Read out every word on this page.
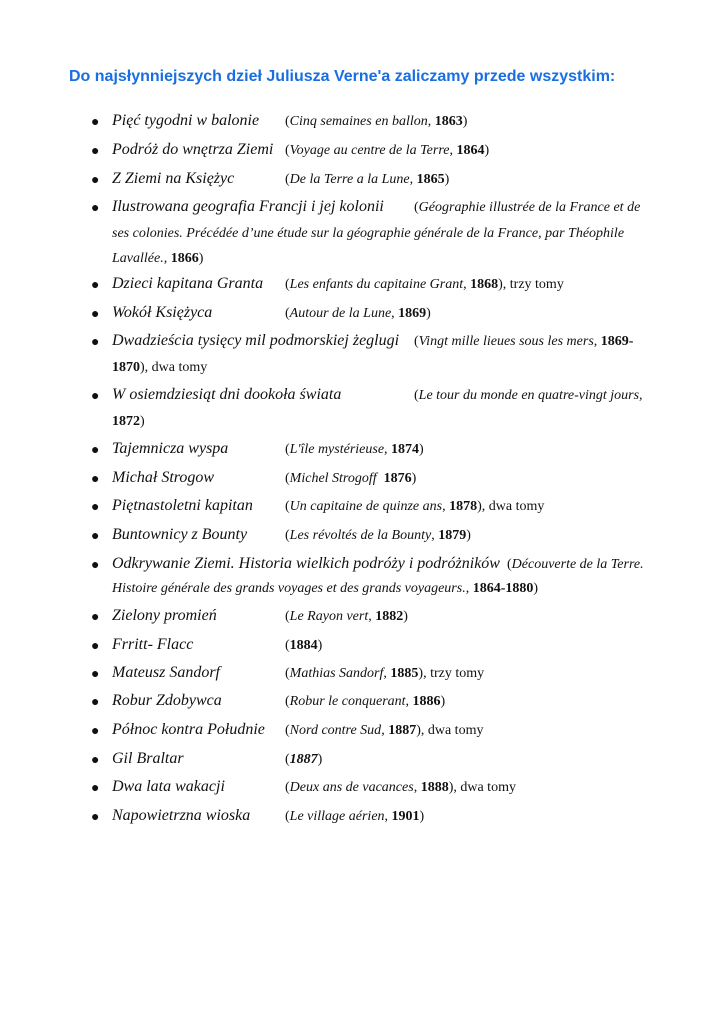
Do najsłynniejszych dzieł Juliusza Verne'a zaliczamy przede wszystkim:
● Pięć tygodni w balonie (Cinq semaines en ballon, 1863)
● Podróż do wnętrza Ziemi (Voyage au centre de la Terre, 1864)
● Z Ziemi na Księżyc	(De la Terre a la Lune, 1865)
● Ilustrowana geografia Francji i jej kolonii (Géographie illustrée de la France et de
ses colonies. Précédée d’une étude sur la géographie générale de la France, par Théophile
Lavallée., 1866)
● Dzieci kapitana Granta (Les enfants du capitaine Grant, 1868), trzy tomy
● Wokół Księżyca	(Autour de la Lune, 1869)
● Dwadzieścia tysięcy mil podmorskiej żeglugi (Vingt mille lieues sous les mers, 1869-
1870), dwa tomy
● W osiemdziesiąt dni dookoła świata	(Le tour du monde en quatre-vingt jours,
1872)
● Tajemnicza wyspa	(L'île mystérieuse, 1874)
● Michał Strogow	(Michel Strogoff 1876)
● Piętnastoletni kapitan (Un capitaine de quinze ans, 1878), dwa tomy
● Buntownicy z Bounty	(Les révoltés de la Bounty, 1879)
● Odkrywanie Ziemi. Historia wielkich podróży i podróżników  (Découverte de la Terre.
Histoire générale des grands voyages et des grands voyageurs., 1864-1880)
● Zielony promień	(Le Rayon vert, 1882)
● Frritt- Flacc	(1884)
● Mateusz Sandorf	(Mathias Sandorf, 1885), trzy tomy
● Robur Zdobywca	(Robur le conquerant, 1886)
● Północ kontra Południe (Nord contre Sud, 1887), dwa tomy
● Gil Braltar	(1887)
● Dwa lata wakacji	(Deux ans de vacances, 1888), dwa tomy
● Napowietrzna wioska (Le village aérien, 1901)
